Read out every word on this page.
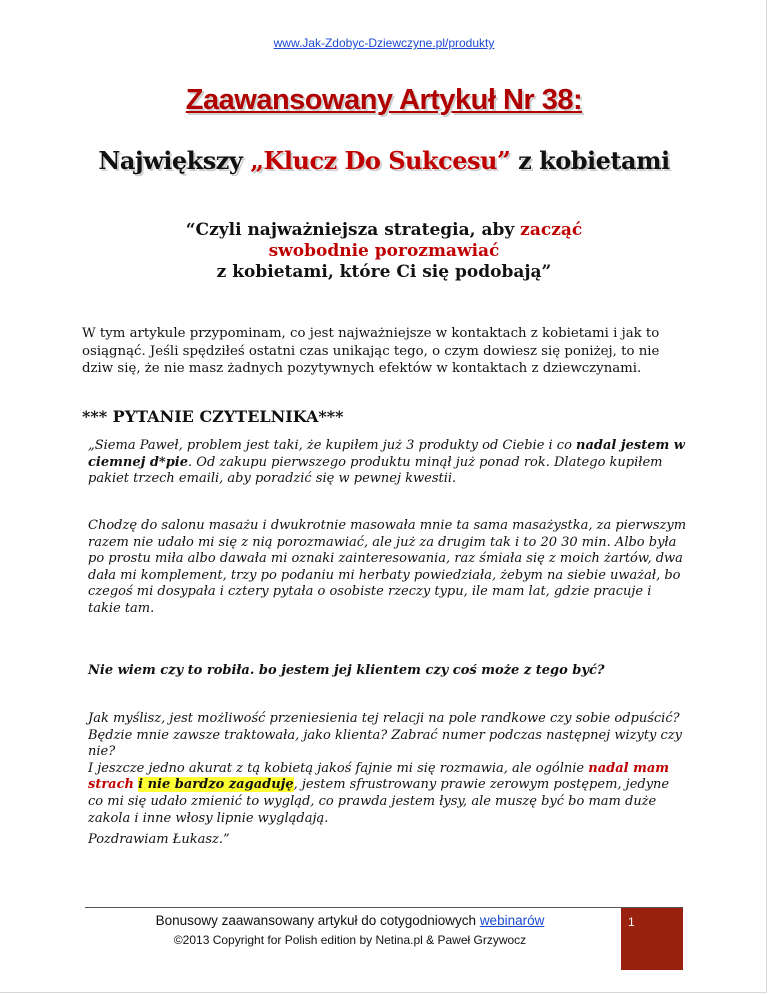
www.Jak-Zdobyc-Dziewczyne.pl/produkty
Zaawansowany Artykuł Nr 38:
Największy „Klucz Do Sukcesu” z kobietami
“Czyli najważniejsza strategia, aby zacząć
swobodnie porozmawiać
z kobietami, które Ci się podobają”
W tym artykule przypominam, co jest najważniejsze w kontaktach z kobietami i jak to osiągnąć. Jeśli spędziłeś ostatni czas unikając tego, o czym dowiesz się poniżej, to nie dziw się, że nie masz żadnych pozytywnych efektów w kontaktach z dziewczynami.
*** PYTANIE CZYTELNIKA***
„Siema Paweł, problem jest taki, że kupiłem już 3 produkty od Ciebie i co nadal jestem w ciemnej d*pie. Od zakupu pierwszego produktu minął już ponad rok. Dlatego kupiłem pakiet trzech emaili, aby poradzić się w pewnej kwestii.
Chodzę do salonu masażu i dwukrotnie masowała mnie ta sama masażystka, za pierwszym razem nie udało mi się z nią porozmawiać, ale już za drugim tak i to 20 30 min. Albo była po prostu miła albo dawała mi oznaki zainteresowania, raz śmiała się z moich żartów, dwa dała mi komplement, trzy po podaniu mi herbaty powiedziała, żebym na siebie uważał, bo czegoś mi dosypała i cztery pytała o osobiste rzeczy typu, ile mam lat, gdzie pracuje i takie tam.
Nie wiem czy to robiła. bo jestem jej klientem czy coś może z tego być?
Jak myślisz, jest możliwość przeniesienia tej relacji na pole randkowe czy sobie odpuścić? Będzie mnie zawsze traktowała, jako klienta? Zabrać numer podczas następnej wizyty czy nie?
I jeszcze jedno akurat z tą kobietą jakoś fajnie mi się rozmawia, ale ogólnie nadal mam strach i nie bardzo zagaduję, jestem sfrustrowany prawie zerowym postępem, jedyne co mi się udało zmienić to wygląd, co prawda jestem łysy, ale muszę być bo mam duże zakola i inne włosy lipnie wyglądają.
Pozdrawiam Łukasz.”
Bonusowy zaawansowany artykuł do cotygodniowych webinarów
©2013 Copyright for Polish edition by Netina.pl & Paweł Grzywocz
1
